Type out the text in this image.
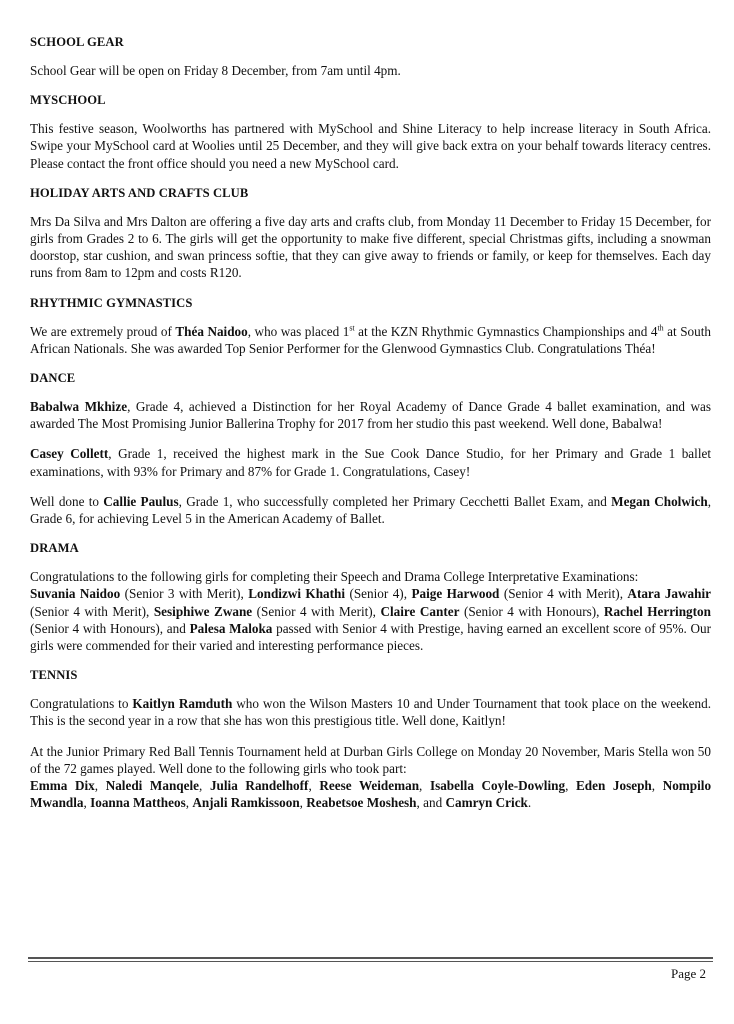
SCHOOL GEAR

School Gear will be open on Friday 8 December, from 7am until 4pm.

MYSCHOOL

This festive season, Woolworths has partnered with MySchool and Shine Literacy to help increase literacy in South Africa. Swipe your MySchool card at Woolies until 25 December, and they will give back extra on your behalf towards literacy centres. Please contact the front office should you need a new MySchool card.

HOLIDAY ARTS AND CRAFTS CLUB

Mrs Da Silva and Mrs Dalton are offering a five day arts and crafts club, from Monday 11 December to Friday 15 December, for girls from Grades 2 to 6. The girls will get the opportunity to make five different, special Christmas gifts, including a snowman doorstop, star cushion, and swan princess softie, that they can give away to friends or family, or keep for themselves. Each day runs from 8am to 12pm and costs R120.

RHYTHMIC GYMNASTICS

We are extremely proud of Théa Naidoo, who was placed 1st at the KZN Rhythmic Gymnastics Championships and 4th at South African Nationals. She was awarded Top Senior Performer for the Glenwood Gymnastics Club. Congratulations Théa!

DANCE

Babalwa Mkhize, Grade 4, achieved a Distinction for her Royal Academy of Dance Grade 4 ballet examination, and was awarded The Most Promising Junior Ballerina Trophy for 2017 from her studio this past weekend. Well done, Babalwa!

Casey Collett, Grade 1, received the highest mark in the Sue Cook Dance Studio, for her Primary and Grade 1 ballet examinations, with 93% for Primary and 87% for Grade 1. Congratulations, Casey!

Well done to Callie Paulus, Grade 1, who successfully completed her Primary Cecchetti Ballet Exam, and Megan Cholwich, Grade 6, for achieving Level 5 in the American Academy of Ballet.

DRAMA

Congratulations to the following girls for completing their Speech and Drama College Interpretative Examinations:

Suvania Naidoo (Senior 3 with Merit), Londizwi Khathi (Senior 4), Paige Harwood (Senior 4 with Merit), Atara Jawahir (Senior 4 with Merit), Sesiphiwe Zwane (Senior 4 with Merit), Claire Canter (Senior 4 with Honours), Rachel Herrington (Senior 4 with Honours), and Palesa Maloka passed with Senior 4 with Prestige, having earned an excellent score of 95%. Our girls were commended for their varied and interesting performance pieces.

TENNIS

Congratulations to Kaitlyn Ramduth who won the Wilson Masters 10 and Under Tournament that took place on the weekend. This is the second year in a row that she has won this prestigious title. Well done, Kaitlyn!

At the Junior Primary Red Ball Tennis Tournament held at Durban Girls College on Monday 20 November, Maris Stella won 50 of the 72 games played. Well done to the following girls who took part:

Emma Dix, Naledi Manqele, Julia Randelhoff, Reese Weideman, Isabella Coyle-Dowling, Eden Joseph, Nompilo Mwandla, Ioanna Mattheos, Anjali Ramkissoon, Reabetsoe Moshesh, and Camryn Crick.

Page 2
